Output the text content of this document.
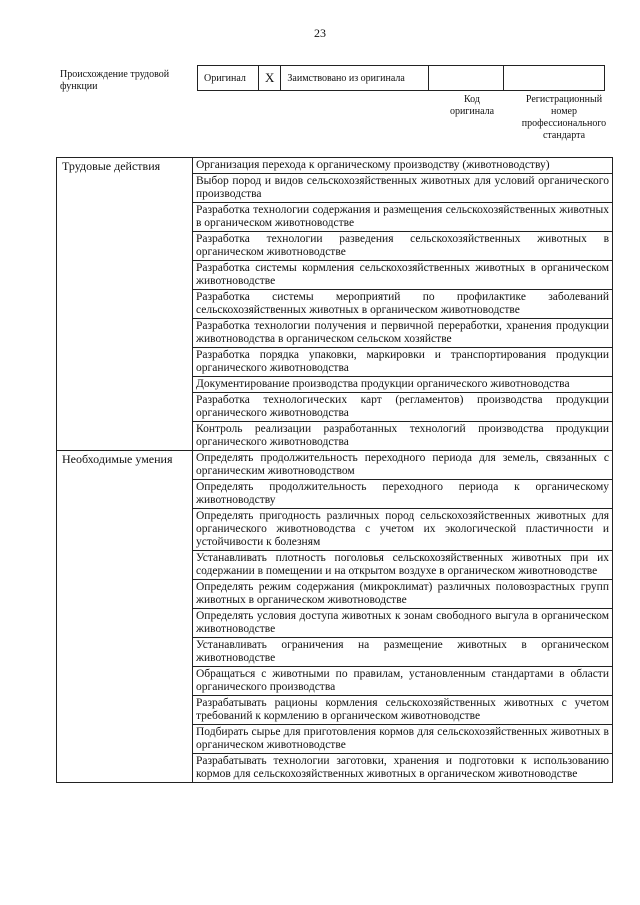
23
Происхождение трудовой функции
Оригинал	X	Заимствовано из оригинала		
Код оригинала
Регистрационный номер профессионального стандарта
Трудовые действия	Организация перехода к органическому производству (животноводству)
	Выбор пород и видов сельскохозяйственных животных для условий органического производства
	Разработка технологии содержания и размещения сельскохозяйственных животных в органическом животноводстве
	Разработка технологии разведения сельскохозяйственных животных в органическом животноводстве
	Разработка системы кормления сельскохозяйственных животных в органическом животноводстве
	Разработка системы мероприятий по профилактике заболеваний сельскохозяйственных животных в органическом животноводстве
	Разработка технологии получения и первичной переработки, хранения продукции животноводства в органическом сельском хозяйстве
	Разработка порядка упаковки, маркировки и транспортирования продукции органического животноводства
	Документирование производства продукции органического животноводства
	Разработка технологических карт (регламентов) производства продукции органического животноводства
	Контроль реализации разработанных технологий производства продукции органического животноводства
Необходимые умения	Определять продолжительность переходного периода для земель, связанных с органическим животноводством
	Определять продолжительность переходного периода к органическому животноводству
	Определять пригодность различных пород сельскохозяйственных животных для органического животноводства с учетом их экологической пластичности и устойчивости к болезням
	Устанавливать плотность поголовья сельскохозяйственных животных при их содержании в помещении и на открытом воздухе в органическом животноводстве
	Определять режим содержания (микроклимат) различных половозрастных групп животных в органическом животноводстве
	Определять условия доступа животных к зонам свободного выгула в органическом животноводстве
	Устанавливать ограничения на размещение животных в органическом животноводстве
	Обращаться с животными по правилам, установленным стандартами в области органического производства
	Разрабатывать рационы кормления сельскохозяйственных животных с учетом требований к кормлению в органическом животноводстве
	Подбирать сырье для приготовления кормов для сельскохозяйственных животных в органическом животноводстве
	Разрабатывать технологии заготовки, хранения и подготовки к использованию кормов для сельскохозяйственных животных в органическом животноводстве
